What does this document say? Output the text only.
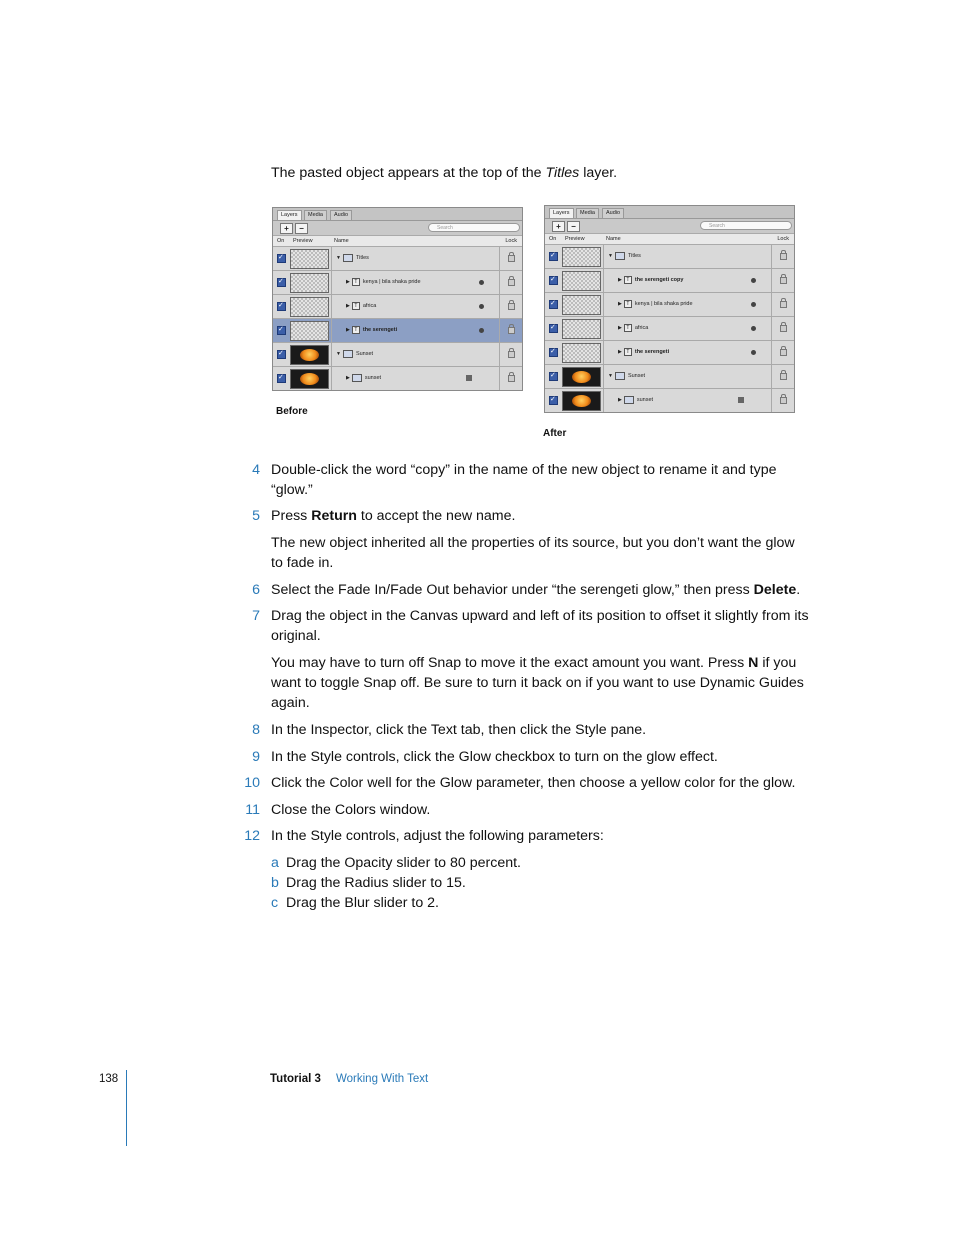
The pasted object appears at the top of the Titles layer.
Layers	Media	Audio
+	−	Search
On Preview	Name	Lock
✓
▼	Titles
✓
▶ T kenya | bila shaka pride
✓
▶ T africa
✓
▶ T the serengeti
✓
▼	Sunset
✓
▶	sunset
Before
Layers	Media	Audio
+	−	Search
On Preview	Name	Lock
✓
▼	Titles
✓
▶ T the serengeti copy
✓
▶ T kenya | bila shaka pride
✓
▶ T africa
✓
▶ T the serengeti
✓
▼	Sunset
✓
▶	sunset
After
4 Double-click the word “copy” in the name of the new object to rename it and type
“glow.”
5 Press Return to accept the new name.
The new object inherited all the properties of its source, but you don’t want the glow
to fade in.
6 Select the Fade In/Fade Out behavior under “the serengeti glow,” then press Delete.
7 Drag the object in the Canvas upward and left of its position to offset it slightly from its
original.
You may have to turn off Snap to move it the exact amount you want. Press N if you
want to toggle Snap off. Be sure to turn it back on if you want to use Dynamic Guides
again.
8 In the Inspector, click the Text tab, then click the Style pane.
9 In the Style controls, click the Glow checkbox to turn on the glow effect.
10 Click the Color well for the Glow parameter, then choose a yellow color for the glow.
11 Close the Colors window.
12 In the Style controls, adjust the following parameters:
a Drag the Opacity slider to 80 percent.
b Drag the Radius slider to 15.
c Drag the Blur slider to 2.
138	Tutorial 3 Working With Text
